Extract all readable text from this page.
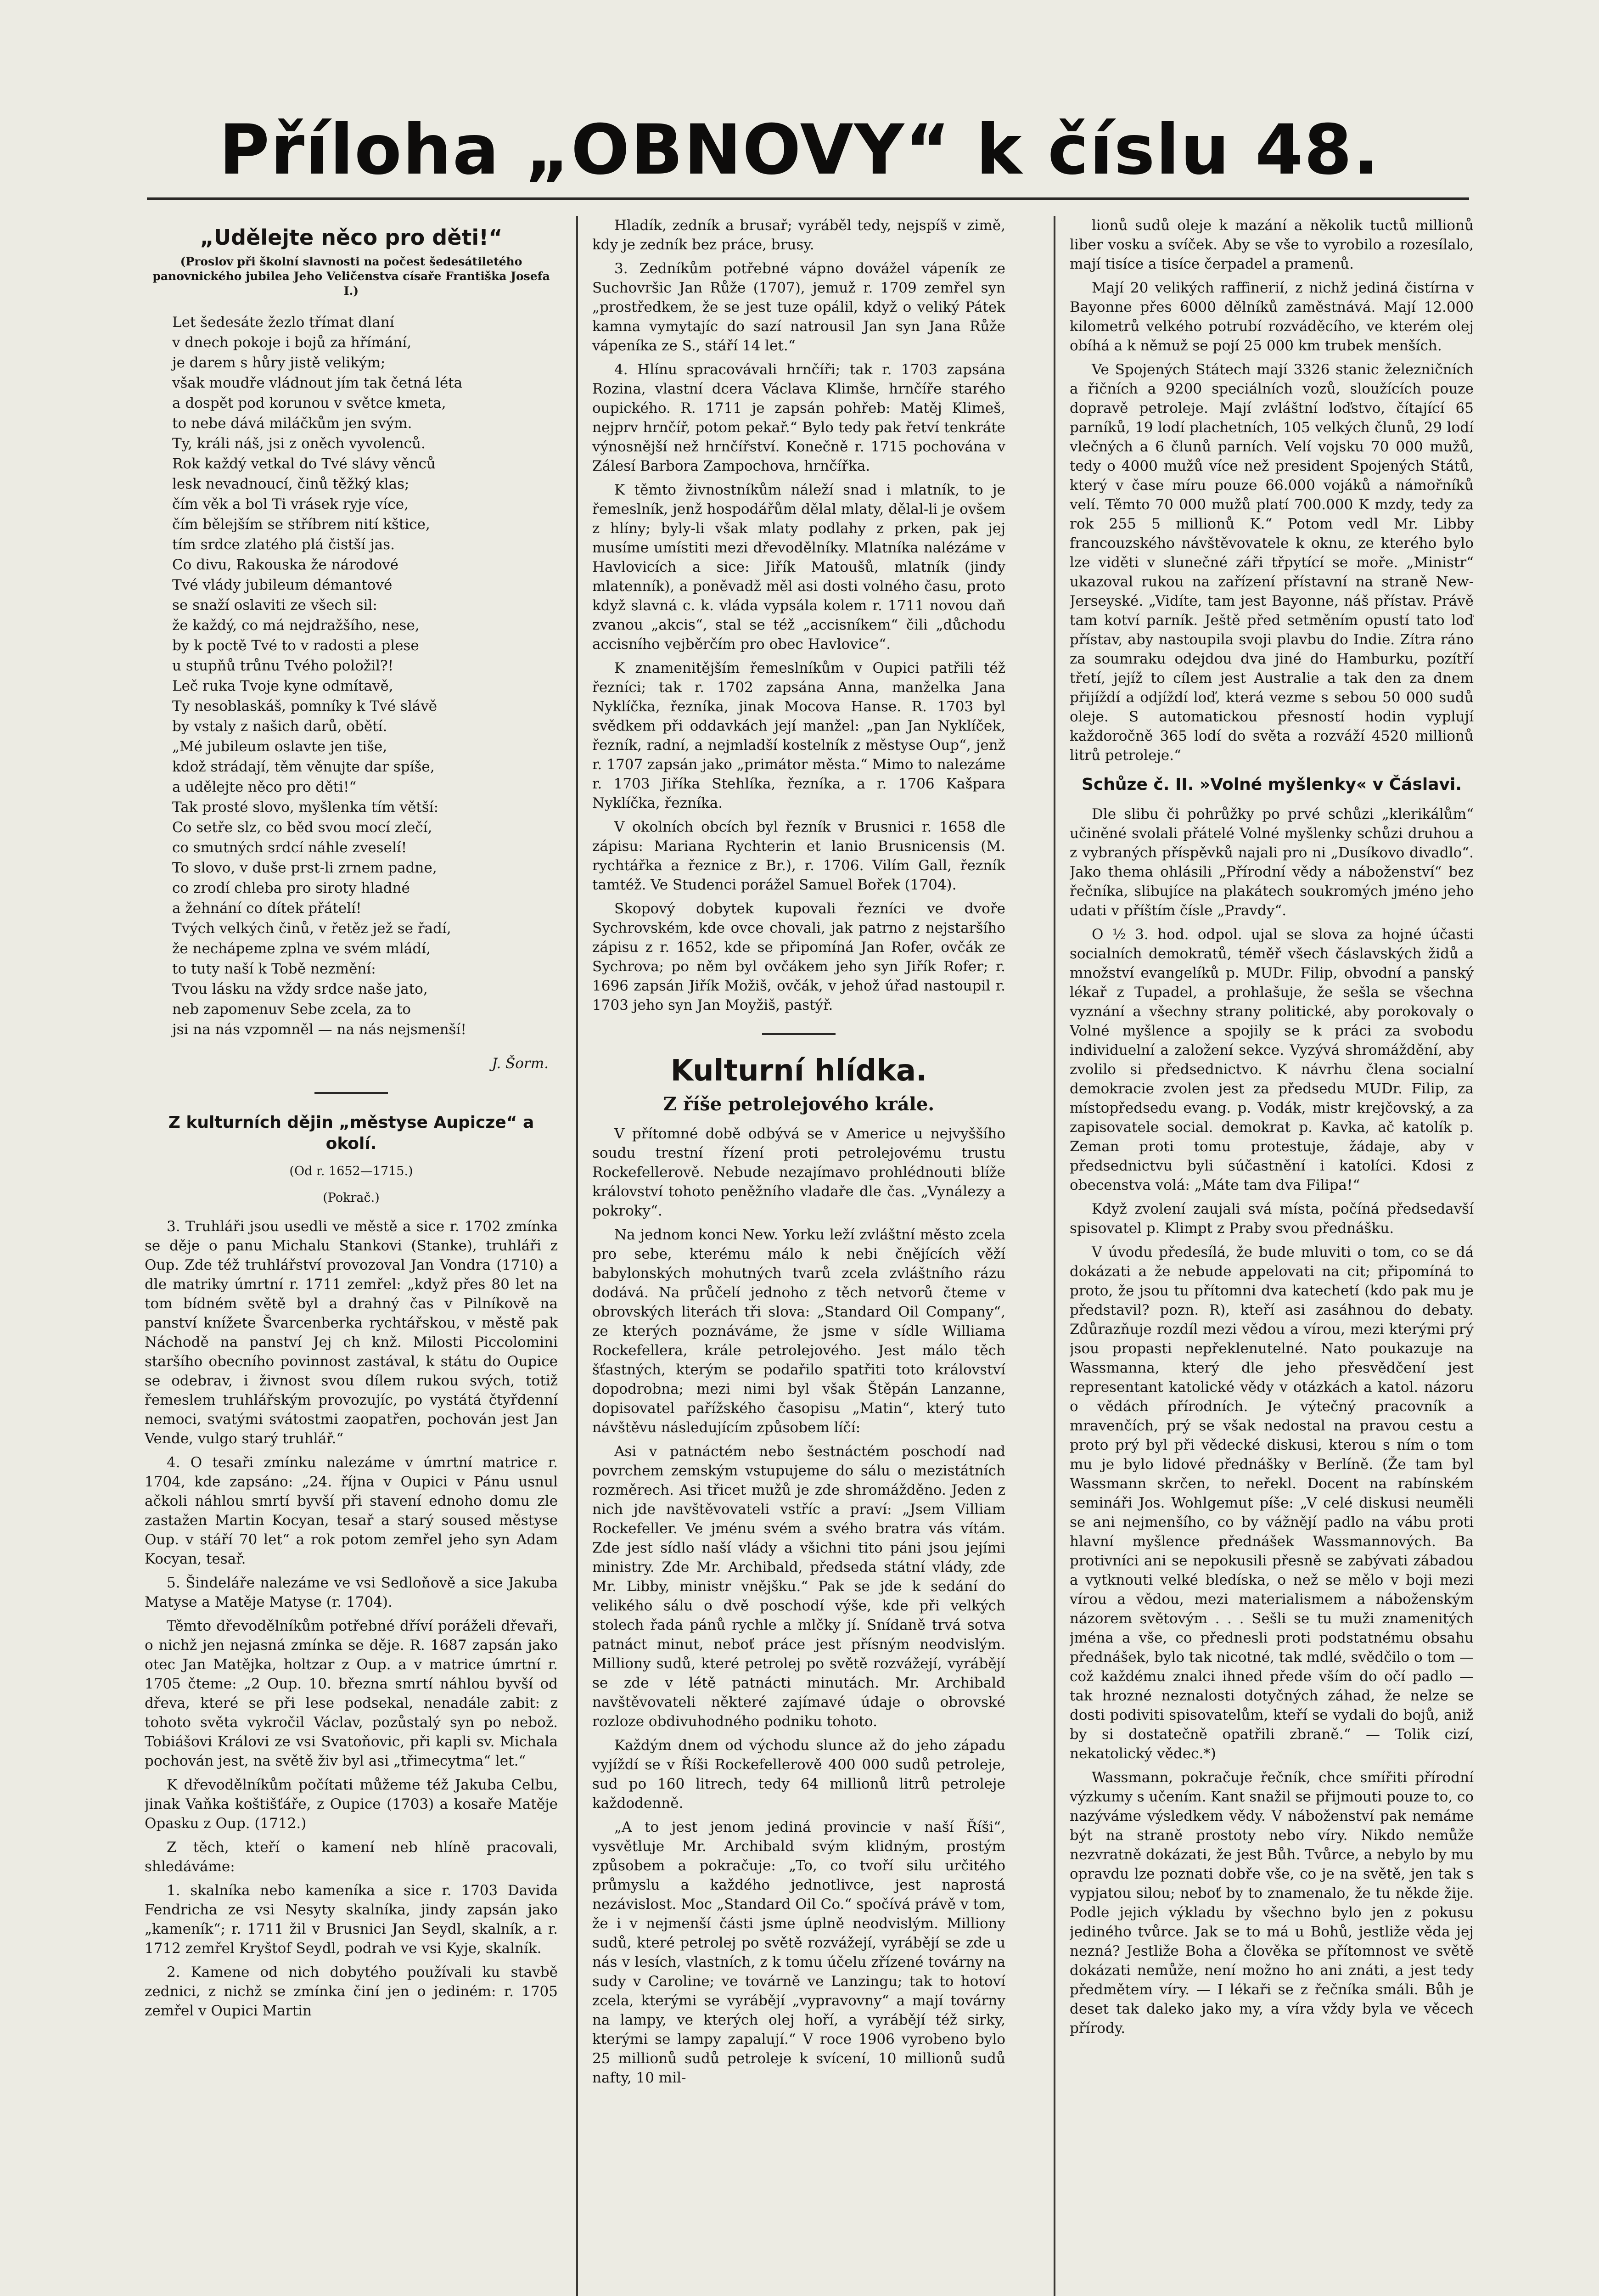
Příloha „OBNOVY“ k číslu 48.
„Udělejte něco pro děti!“
(Proslov při školní slavnosti na počest šedesátiletého panovnického jubilea Jeho Veličenstva císaře Františka Josefa I.)
Let šedesáte žezlo třímat dlaní
v dnech pokoje i bojů za hřímání,
je darem s hůry jistě velikým;
však moudře vládnout jím tak četná léta
a dospět pod korunou v světce kmeta,
to nebe dává miláčkům jen svým.
Ty, králi náš, jsi z oněch vyvolenců.
Rok každý vetkal do Tvé slávy věnců
lesk nevadnoucí, činů těžký klas;
čím věk a bol Ti vrásek ryje více,
čím bělejším se stříbrem nití kštice,
tím srdce zlatého plá čistší jas.
Co divu, Rakouska že národové
Tvé vlády jubileum démantové
se snaží oslaviti ze všech sil:
že každý, co má nejdražšího, nese,
by k poctě Tvé to v radosti a plese
u stupňů trůnu Tvého položil?!
Leč ruka Tvoje kyne odmítavě,
Ty nesoblaskáš, pomníky k Tvé slávě
by vstaly z našich darů, obětí.
„Mé jubileum oslavte jen tiše,
kdož strádají, těm věnujte dar spíše,
a udělejte něco pro děti!“
Tak prosté slovo, myšlenka tím větší:
Co setře slz, co běd svou mocí zlečí,
co smutných srdcí náhle zveselí!
To slovo, v duše prst-li zrnem padne,
co zrodí chleba pro siroty hladné
a žehnání co dítek přátelí!
Tvých velkých činů, v řetěz jež se řadí,
že nechápeme zplna ve svém mládí,
to tuty naší k Tobě nezmění:
Tvou lásku na vždy srdce naše jato,
neb zapomenuv Sebe zcela, za to
jsi na nás vzpomněl — na nás nejsmenší!
J. Šorm.
Z kulturních dějin „městyse Aupicze“ a okolí.
(Od r. 1652—1715.)
(Pokrač.)

3. Truhláři jsou usedli ve městě a sice r. 1702 zmínka se děje o panu Michalu Stankovi (Stanke), truhláři z Oup. Zde též truhlářství provozoval Jan Vondra (1710) a dle matriky úmrtní r. 1711 zemřel: „když přes 80 let na tom bídném světě byl a drahný čas v Pilníkově na panství knížete Švarcenberka rychtářskou, v městě pak Náchodě na panství Jej ch knž. Milosti Piccolomini staršího obecního povinnost zastával, k státu do Oupice se odebrav, i živnost svou dílem rukou svých, totiž řemeslem truhlářským provozujíc, po vystátá čtyřdenní nemoci, svatými svátostmi zaopatřen, pochován jest Jan Vende, vulgo starý truhlář.“

4. O tesaři zmínku nalezáme v úmrtní matrice r. 1704, kde zapsáno: „24. října v Oupici v Pánu usnul ačkoli náhlou smrtí byvší při stavení ednoho domu zle zastažen Martin Kocyan, tesař a starý soused městyse Oup. v stáří 70 let“ a rok potom zemřel jeho syn Adam Kocyan, tesař.

5. Šindeláře nalezáme ve vsi Sedloňově a sice Jakuba Matyse a Matěje Matyse (r. 1704).

Těmto dřevodělníkům potřebné dříví poráželi dřevaři, o nichž jen nejasná zmínka se děje. R. 1687 zapsán jako otec Jan Matějka, holtzar z Oup. a v matrice úmrtní r. 1705 čteme: „2 Oup. 10. března smrtí náhlou byvší od dřeva, které se při lese podsekal, nenadále zabit: z tohoto světa vykročil Václav, pozůstalý syn po nebož. Tobiášovi Královi ze vsi Svatoňovic, při kapli sv. Michala pochován jest, na světě živ byl asi „třimecytma“ let.“

K dřevodělníkům počítati můžeme též Jakuba Celbu, jinak Vaňka koštišťáře, z Oupice (1703) a kosaře Matěje Opasku z Oup. (1712.)

Z těch, kteří o kamení neb hlíně pracovali, shledáváme:

1. skalníka nebo kameníka a sice r. 1703 Davida Fendricha ze vsi Nesyty skalníka, jindy zapsán jako „kameník“; r. 1711 žil v Brusnici Jan Seydl, skalník, a r. 1712 zemřel Kryštof Seydl, podrah ve vsi Kyje, skalník.

2. Kamene od nich dobytého používali ku stavbě zednici, z nichž se zmínka činí jen o jediném: r. 1705 zemřel v Oupici Martin

Hladík, zedník a brusař; vyráběl tedy, nejspíš v zimě, kdy je zedník bez práce, brusy.

3. Zedníkům potřebné vápno dovážel vápeník ze Suchovršic Jan Růže (1707), jemuž r. 1709 zemřel syn „prostředkem, že se jest tuze opálil, když o veliký Pátek kamna vymytajíc do sazí natrousil Jan syn Jana Růže vápeníka ze S., stáří 14 let.“

4. Hlínu spracovávali hrnčíři; tak r. 1703 zapsána Rozina, vlastní dcera Václava Klimše, hrnčíře starého oupického. R. 1711 je zapsán pohřeb: Matěj Klimeš, nejprv hrnčíř, potom pekař.“ Bylo tedy pak řetví tenkráte výnosnější než hrnčířství. Konečně r. 1715 pochována v Zálesí Barbora Zampochova, hrnčířka.

K těmto živnostníkům náleží snad i mlatník, to je řemeslník, jenž hospodářům dělal mlaty, dělal-li je ovšem z hlíny; byly-li však mlaty podlahy z prken, pak jej musíme umístiti mezi dřevodělníky. Mlatníka nalézáme v Havlovicích a sice: Jiřík Matoušů, mlatník (jindy mlatenník), a poněvadž měl asi dosti volného času, proto když slavná c. k. vláda vypsála kolem r. 1711 novou daň zvanou „akcis“, stal se též „accisníkem“ čili „důchodu accisního vejběrčím pro obec Havlovice“.

K znamenitějším řemeslníkům v Oupici patřili též řezníci; tak r. 1702 zapsána Anna, manželka Jana Nyklíčka, řezníka, jinak Mocova Hanse. R. 1703 byl svědkem při oddavkách její manžel: „pan Jan Nyklíček, řezník, radní, a nejmladší kostelník z městyse Oup“, jenž r. 1707 zapsán jako „primátor města.“ Mimo to nalezáme r. 1703 Jiříka Stehlíka, řezníka, a r. 1706 Kašpara Nyklíčka, řezníka.

V okolních obcích byl řezník v Brusnici r. 1658 dle zápisu: Mariana Rychterin et lanio Brusnicensis (M. rychtářka a řeznice z Br.), r. 1706. Vilím Gall, řezník tamtéž. Ve Studenci porážel Samuel Bořek (1704).

Skopový dobytek kupovali řezníci ve dvoře Sychrovském, kde ovce chovali, jak patrno z nejstaršího zápisu z r. 1652, kde se připomíná Jan Rofer, ovčák ze Sychrova; po něm byl ovčákem jeho syn Jiřík Rofer; r. 1696 zapsán Jiřík Možiš, ovčák, v jehož úřad nastoupil r. 1703 jeho syn Jan Moyžiš, pastýř.

Kulturní hlídka.
Z říše petrolejového krále.

V přítomné době odbývá se v Americe u nejvyššího soudu trestní řízení proti petrolejovému trustu Rockefellerově. Nebude nezajímavo prohlédnouti blíže království tohoto peněžního vladaře dle čas. „Vynálezy a pokroky“.

Na jednom konci New. Yorku leží zvláštní město zcela pro sebe, kterému málo k nebi čnějících věží babylonských mohutných tvarů zcela zvláštního rázu dodává. Na průčelí jednoho z těch netvorů čteme v obrovských literách tři slova: „Standard Oil Company“, ze kterých poznáváme, že jsme v sídle Williama Rockefellera, krále petrolejového. Jest málo těch šťastných, kterým se podařilo spatřiti toto království dopodrobna; mezi nimi byl však Štěpán Lanzanne, dopisovatel pařížského časopisu „Matin“, který tuto návštěvu následujícím způsobem líčí:

Asi v patnáctém nebo šestnáctém poschodí nad povrchem zemským vstupujeme do sálu o mezistátních rozměrech. Asi třicet mužů je zde shromážděno. Jeden z nich jde navštěvovateli vstříc a praví: „Jsem Villiam Rockefeller. Ve jménu svém a svého bratra vás vítám. Zde jest sídlo naší vlády a všichni tito páni jsou jejími ministry. Zde Mr. Archibald, předseda státní vlády, zde Mr. Libby, ministr vnějšku.“ Pak se jde k sedání do velikého sálu o dvě poschodí výše, kde při velkých stolech řada pánů rychle a mlčky jí. Snídaně trvá sotva patnáct minut, neboť práce jest přísným neodvislým. Milliony sudů, které petrolej po světě rozvážejí, vyrábějí se zde v létě patnácti minutách. Mr. Archibald navštěvovateli některé zajímavé údaje o obrovské rozloze obdivuhodného podniku tohoto.

Každým dnem od východu slunce až do jeho západu vyjíždí se v Říši Rockefellerově 400 000 sudů petroleje, sud po 160 litrech, tedy 64 millionů litrů petroleje každodenně.

„A to jest jenom jediná provincie v naší Říši“, vysvětluje Mr. Archibald svým klidným, prostým způsobem a pokračuje: „To, co tvoří silu určitého průmyslu a každého jednotlivce, jest naprostá nezávislost. Moc „Standard Oil Co.“ spočívá právě v tom, že i v nejmenší části jsme úplně neodvislým. Milliony sudů, které petrolej po světě rozvážejí, vyrábějí se zde u nás v lesích, vlastních, z k tomu účelu zřízené továrny na sudy v Caroline; ve továrně ve Lanzingu; tak to hotoví zcela, kterými se vyrábějí „vypravovny“ a mají továrny na lampy, ve kterých olej hoří, a vyrábějí též sirky, kterými se lampy zapalují.“ V roce 1906 vyrobeno bylo 25 millionů sudů petroleje k svícení, 10 millionů sudů nafty, 10 mil-

lionů sudů oleje k mazání a několik tuctů millionů liber vosku a svíček. Aby se vše to vyrobilo a rozesílalo, mají tisíce a tisíce čerpadel a pramenů.

Mají 20 velikých raffinerií, z nichž jediná čistírna v Bayonne přes 6000 dělníků zaměstnává. Mají 12.000 kilometrů velkého potrubí rozváděcího, ve kterém olej obíhá a k němuž se pojí 25 000 km trubek menších.

Ve Spojených Státech mají 3326 stanic železničních a řičních a 9200 speciálních vozů, sloužících pouze dopravě petroleje. Mají zvláštní loďstvo, čítající 65 parníků, 19 lodí plachetních, 105 velkých člunů, 29 lodí vlečných a 6 člunů parních. Velí vojsku 70 000 mužů, tedy o 4000 mužů více než president Spojených Států, který v čase míru pouze 66.000 vojáků a námořníků velí. Těmto 70 000 mužů platí 700.000 K mzdy, tedy za rok 255 5 millionů K.“ Potom vedl Mr. Libby francouzského návštěvovatele k oknu, ze kterého bylo lze viděti v slunečné záři třpytící se moře. „Ministr“ ukazoval rukou na zařízení přístavní na straně New-Jerseyské. „Vidíte, tam jest Bayonne, náš přístav. Právě tam kotví parník. Ještě před setměním opustí tato loď přístav, aby nastoupila svoji plavbu do Indie. Zítra ráno za soumraku odejdou dva jiné do Hamburku, pozítří třetí, jejíž to cílem jest Australie a tak den za dnem přijíždí a odjíždí loď, která vezme s sebou 50 000 sudů oleje. S automatickou přesností hodin vyplují každoročně 365 lodí do světa a rozváží 4520 millionů litrů petroleje.“

Schůze č. II. »Volné myšlenky« v Čáslavi.

Dle slibu či pohrůžky po prvé schůzi „klerikálům“ učiněné svolali přátelé Volné myšlenky schůzi druhou a z vybraných příspěvků najali pro ni „Dusíkovo divadlo“. Jako thema ohlásili „Přírodní vědy a náboženství“ bez řečníka, slibujíce na plakátech soukromých jméno jeho udati v příštím čísle „Pravdy“.

O ½ 3. hod. odpol. ujal se slova za hojné účasti socialních demokratů, téměř všech čáslavských židů a množství evangelíků p. MUDr. Filip, obvodní a panský lékař z Tupadel, a prohlašuje, že sešla se všechna vyznání a všechny strany politické, aby porokovaly o Volné myšlence a spojily se k práci za svobodu individuelní a založení sekce. Vyzývá shromáždění, aby zvolilo si předsednictvo. K návrhu člena socialní demokracie zvolen jest za předsedu MUDr. Filip, za místopředsedu evang. p. Vodák, mistr krejčovský, a za zapisovatele social. demokrat p. Kavka, ač katolík p. Zeman proti tomu protestuje, žádaje, aby v předsednictvu byli súčastnění i katolíci. Kdosi z obecenstva volá: „Máte tam dva Filipa!“

Když zvolení zaujali svá místa, počíná předsedavší spisovatel p. Klimpt z Praby svou přednášku.

V úvodu předesílá, že bude mluviti o tom, co se dá dokázati a že nebude appelovati na cit; připomíná to proto, že jsou tu přítomni dva katechetí (kdo pak mu je představil? pozn. R), kteří asi zasáhnou do debaty. Zdůrazňuje rozdíl mezi vědou a vírou, mezi kterými prý jsou propasti nepřeklenutelné. Nato poukazuje na Wassmanna, který dle jeho přesvědčení jest representant katolické vědy v otázkách a katol. názoru o vědách přírodních. Je výtečný pracovník a mravenčích, prý se však nedostal na pravou cestu a proto prý byl při vědecké diskusi, kterou s ním o tom mu je bylo lidové přednášky v Berlíně. (Že tam byl Wassmann skrčen, to neřekl. Docent na rabínském semináři Jos. Wohlgemut píše: „V celé diskusi neuměli se ani nejmenšího, co by vážnějí padlo na vábu proti hlavní myšlence přednášek Wassmannových. Ba protivníci ani se nepokusili přesně se zabývati zábadou a vytknouti velké bledíska, o než se mělo v boji mezi vírou a vědou, mezi materialismem a náboženským názorem světovým . . . Sešli se tu muži znamenitých jména a vše, co přednesli proti podstatnému obsahu přednášek, bylo tak nicotné, tak mdlé, svědčilo o tom — což každému znalci ihned přede vším do očí padlo — tak hrozné neznalosti dotyčných záhad, že nelze se dosti podiviti spisovatelům, kteří se vydali do bojů, aniž by si dostatečně opatřili zbraně.“ — Tolik cizí, nekatolický vědec.*)

Wassmann, pokračuje řečník, chce smířiti přírodní výzkumy s učením. Kant snažil se přijmouti pouze to, co nazýváme výsledkem vědy. V náboženství pak nemáme být na straně prostoty nebo víry. Nikdo nemůže nezvratně dokázati, že jest Bůh. Tvůrce, a nebylo by mu opravdu lze poznati dobře vše, co je na světě, jen tak s vypjatou silou; neboť by to znamenalo, že tu někde žije. Podle jejich výkladu by všechno bylo jen z pokusu jediného tvůrce. Jak se to má u Bohů, jestliže věda jej nezná? Jestliže Boha a člověka se přítomnost ve světě dokázati nemůže, není možno ho ani znáti, a jest tedy předmětem víry. — I lékaři se z řečníka smáli. Bůh je deset tak daleko jako my, a víra vždy byla ve věcech přírody.
